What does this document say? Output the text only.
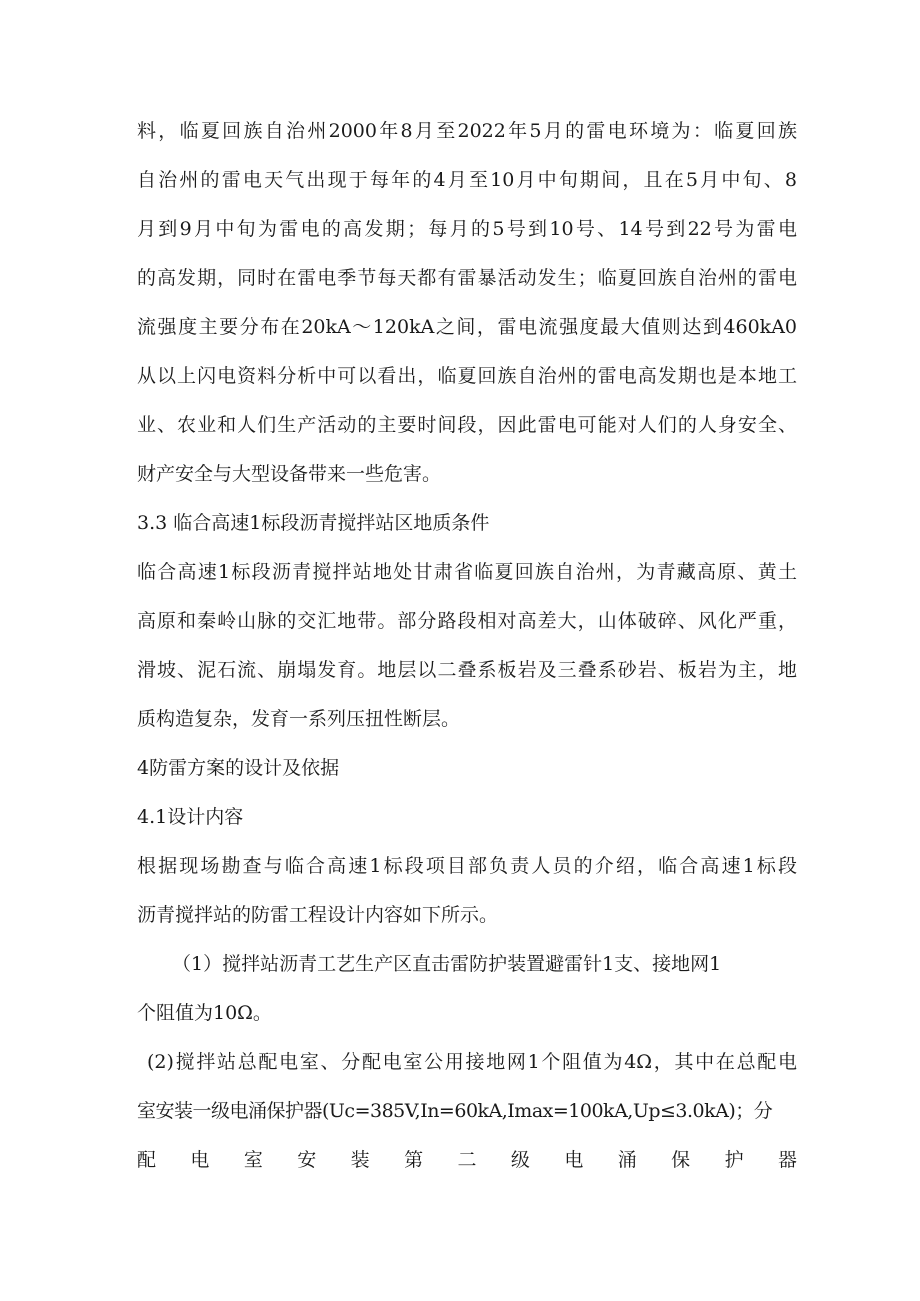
料，临夏回族自治州2000年8月至2022年5月的雷电环境为：临夏回族
自治州的雷电天气出现于每年的4月至10月中旬期间，且在5月中旬、8
月到9月中旬为雷电的高发期；每月的5号到10号、14号到22号为雷电
的高发期，同时在雷电季节每天都有雷暴活动发生；临夏回族自治州的雷电
流强度主要分布在20kA～120kA之间，雷电流强度最大值则达到460kA0
从以上闪电资料分析中可以看出，临夏回族自治州的雷电高发期也是本地工
业、农业和人们生产活动的主要时间段，因此雷电可能对人们的人身安全、
财产安全与大型设备带来一些危害。
3.3 临合高速1标段沥青搅拌站区地质条件
临合高速1标段沥青搅拌站地处甘肃省临夏回族自治州，为青藏高原、黄土
高原和秦岭山脉的交汇地带。部分路段相对高差大，山体破碎、风化严重，
滑坡、泥石流、崩塌发育。地层以二叠系板岩及三叠系砂岩、板岩为主，地
质构造复杂，发育一系列压扭性断层。
4防雷方案的设计及依据
4.1设计内容
根据现场勘查与临合高速1标段项目部负责人员的介绍，临合高速1标段
沥青搅拌站的防雷工程设计内容如下所示。
（1）搅拌站沥青工艺生产区直击雷防护装置避雷针1支、接地网1
个阻值为10Ω。
(2)搅拌站总配电室、分配电室公用接地网1个阻值为4Ω，其中在总配电
室安装一级电涌保护器(Uc=385V,In=60kA,Imax=100kA,Up≤3.0kA)；分
配电室安装第二级电涌保护器
